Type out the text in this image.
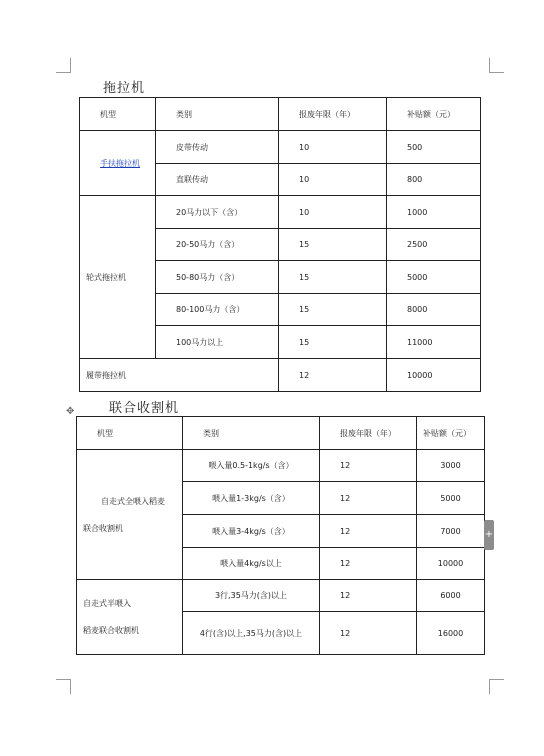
拖拉机
机型	类别	报废年限（年）	补贴额（元）
手扶拖拉机	皮带传动	10	500
	直联传动	10	800
轮式拖拉机	20马力以下（含）	10	1000
	20-50马力（含）	15	2500
	50-80马力（含）	15	5000
	80-100马力（含）	15	8000
	100马力以上	15	11000
履带拖拉机		12	10000
✥	联合收割机
机型	类别	报废年限（年）	补贴额（元）

自走式全喂入稻麦
联合收割机	喂入量0.5-1kg/s（含）	12	3000
	喂入量1-3kg/s（含）	12	5000
	喂入量3-4kg/s（含）	12	7000
	喂入量4kg/s以上	12	10000

自走式半喂入
稻麦联合收割机	3行,35马力(含)以上	12	6000
	4行(含)以上,35马力(含)以上	12	16000
+
